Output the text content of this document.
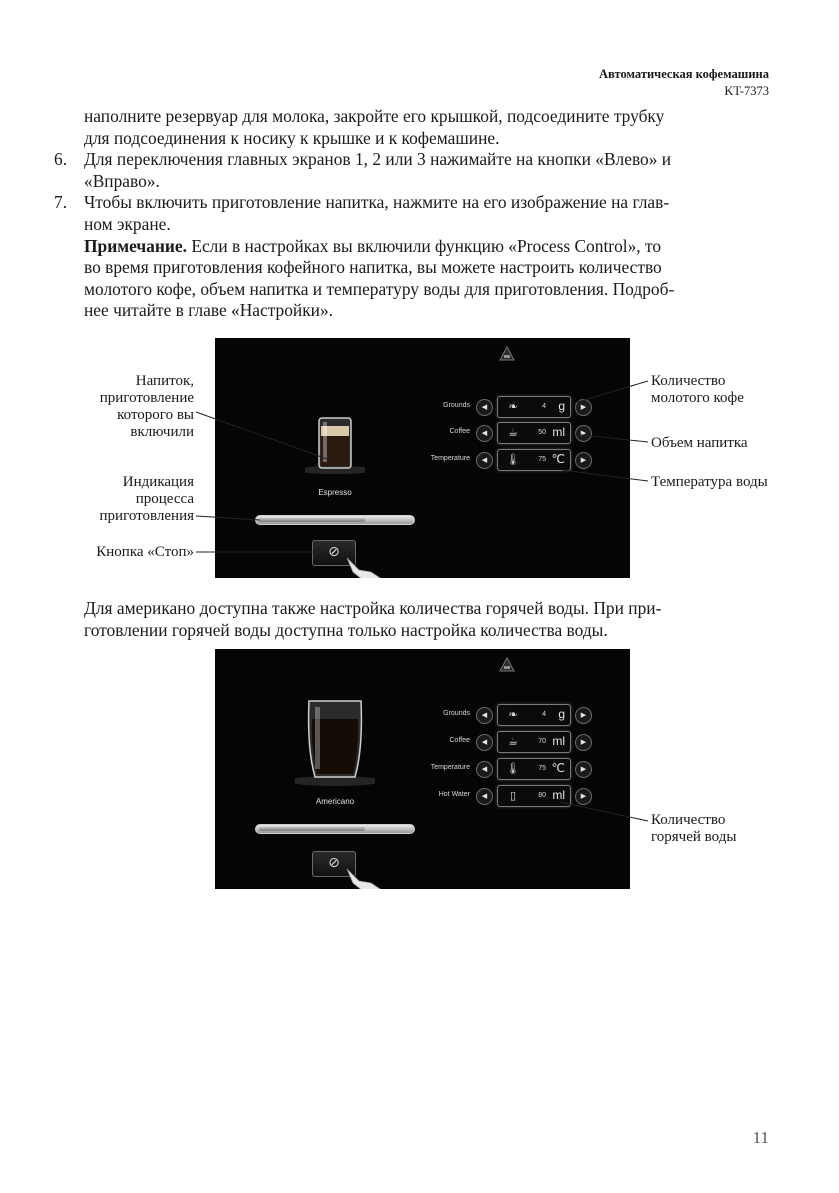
Автоматическая кофемашина
KT-7373
наполните резервуар для молока, закройте его крышкой, подсоедините трубку
для подсоединения к носику к крышке и к кофемашине.
6. Для переключения главных экранов 1, 2 или 3 нажимайте на кнопки «Влево» и
«Вправо».
7. Чтобы включить приготовление напитка, нажмите на его изображение на глав-
ном экране.
Примечание. Если в настройках вы включили функцию «Process Control», то
во время приготовления кофейного напитка, вы можете настроить количество
молотого кофе, объем напитка и температуру воды для приготовления. Подроб-
нее читайте в главе «Настройки».
Espresso
⊘
Grounds	◀	❧	4 g	▶
Coffee	◀	☕	50 ml	▶
Temperature	◀	🌡	75 ℃	▶
Напиток,
приготовление
которого вы
включили
Индикация
процесса
приготовления
Кнопка «Стоп»
Количество
молотого кофе
Объем напитка
Температура воды
Для американо доступна также настройка количества горячей воды. При при-
готовлении горячей воды доступна только настройка количества воды.
Americano
⊘
Grounds	◀	❧	4 g	▶
Coffee	◀	☕	70 ml	▶
Temperature	◀	🌡	75 ℃	▶
Hot Water	◀	▯	80 ml	▶
Количество
горячей воды
11
